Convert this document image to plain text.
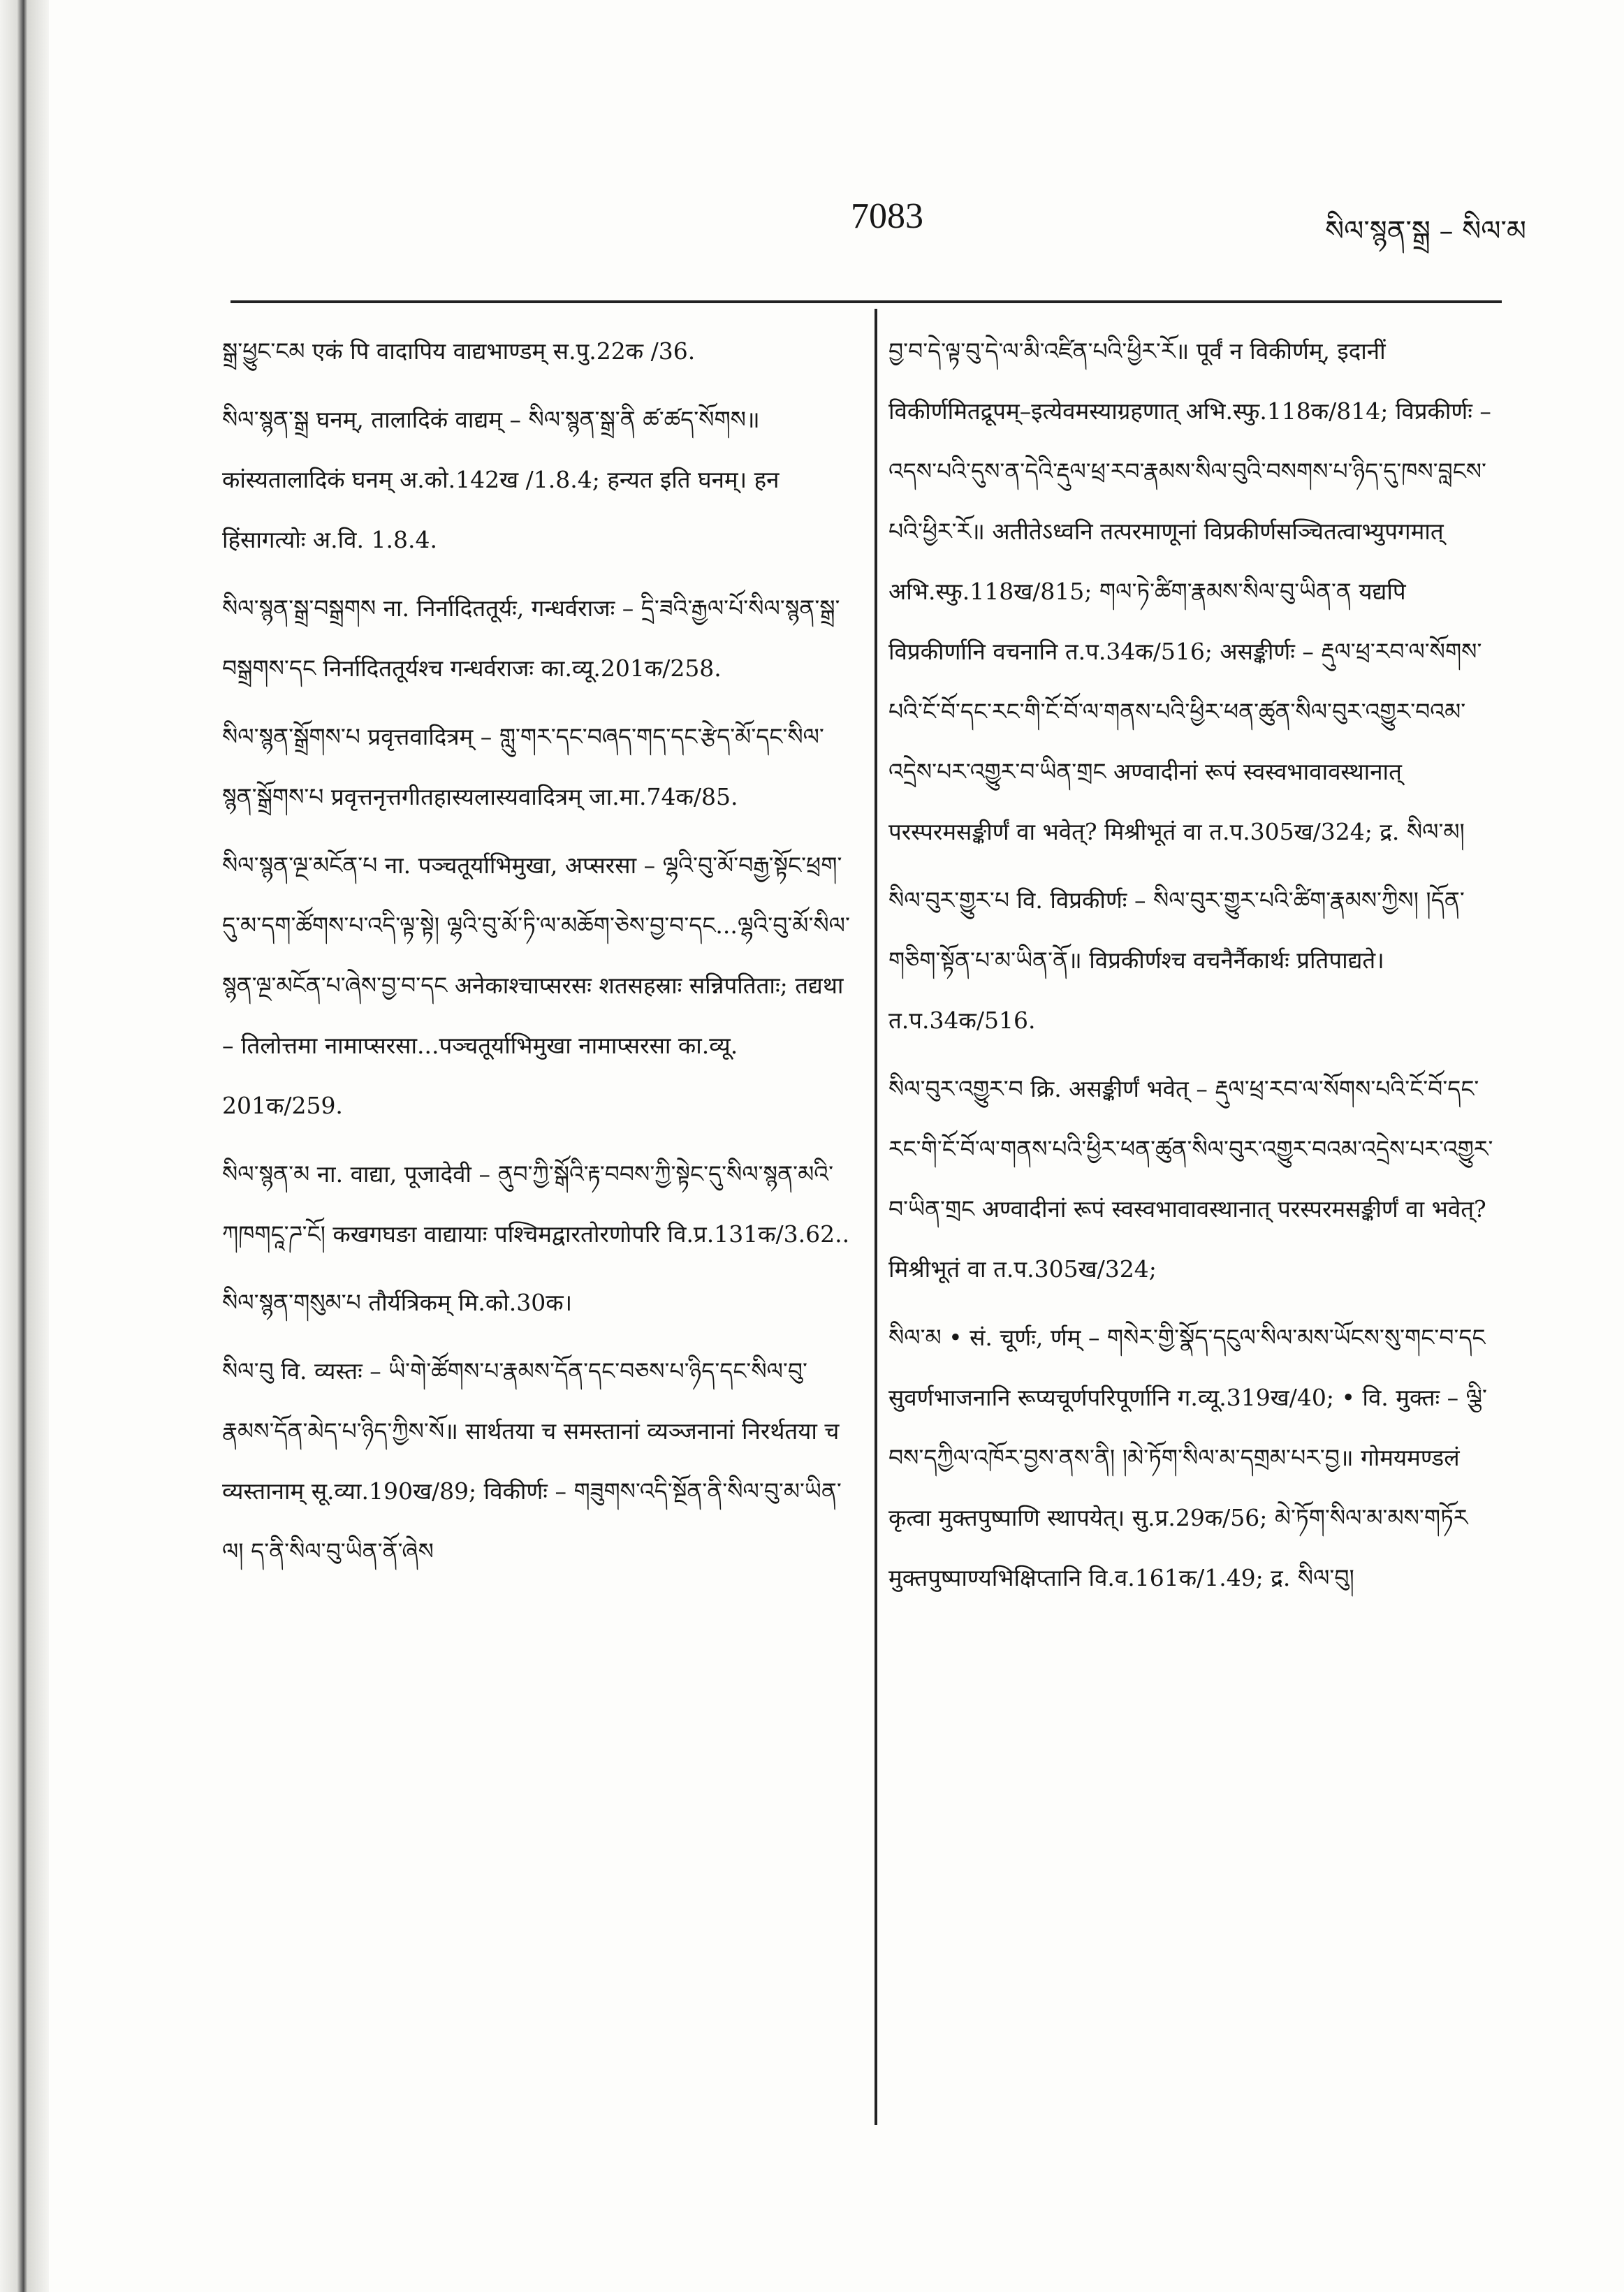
7083	སིལ་སྙན་སྒྲ – སིལ་མ

སྒྲ་ཕྱུང་ངམ एकं पि वादापिय वाद्यभाण्डम् स.पु.22क /36.

སིལ་སྙན་སྒྲ घनम्, तालादिकं वाद्यम् – སིལ་སྙན་སྒྲ་ནི ཚ་ཚད་སོགས॥ कांस्यतालादिकं घनम् अ.को.142ख /1.8.4; हन्यत इति घनम्। हन हिंसागत्योः अ.वि. 1.8.4.

སིལ་སྙན་སྒྲ་བསྒྲགས ना. निर्नादिततूर्यः, गन्धर्वराजः – དྲི་ཟའི་རྒྱལ་པོ་སིལ་སྙན་སྒྲ་བསྒྲགས་དང निर्नादिततूर्यश्च गन्धर्वराजः का.व्यू.201क/258.

སིལ་སྙན་སྒྲོགས་པ प्रवृत्तवादित्रम् – གླུ་གར་དང་བཞད་གད་དང་རྩེད་མོ་དང་སིལ་སྙན་སྒྲོགས་པ प्रवृत्तनृत्तगीतहास्यलास्यवादित्रम् जा.मा.74क/85.

སིལ་སྙན་ལྔ་མངོན་པ ना. पञ्चतूर्याभिमुखा, अप्सरसा – ལྷའི་བུ་མོ་བརྒྱ་སྟོང་ཕྲག་དུ་མ་དག་ཚོགས་པ་འདི་ལྟ་སྟེ། ལྷའི་བུ་མོ་ཏི་ལ་མཆོག་ཅེས་བྱ་བ་དང...ལྷའི་བུ་མོ་སིལ་སྙན་ལྔ་མངོན་པ་ཞེས་བྱ་བ་དང अनेकाश्चाप्सरसः शतसहस्राः सन्निपतिताः; तद्यथा – तिलोत्तमा नामाप्सरसा...पञ्चतूर्याभिमुखा नामाप्सरसा का.व्यू. 201क/259.

སིལ་སྙན་མ ना. वाद्या, पूजादेवी – ནུབ་ཀྱི་སྒོའི་རྟ་བབས་ཀྱི་སྟེང་དུ་སིལ་སྙན་མའི་ཀཁགངཱ་ཌ་ངོ། कखगघङा वाद्यायाः पश्चिमद्वारतोरणोपरि वि.प्र.131क/3.62..

སིལ་སྙན་གསུམ་པ तौर्यत्रिकम् मि.को.30क।

སིལ་བུ वि. व्यस्तः – ཡི་གེ་ཚོགས་པ་རྣམས་དོན་དང་བཅས་པ་ཉིད་དང་སིལ་བུ་རྣམས་དོན་མེད་པ་ཉིད་ཀྱིས་སོ॥ सार्थतया च समस्तानां व्यञ्जनानां निरर्थतया च व्यस्तानाम् सू.व्या.190ख/89; विकीर्णः – གཟུགས་འདི་སྔོན་ནི་སིལ་བུ་མ་ཡིན་ལ། ད་ནི་སིལ་བུ་ཡིན་ནོ་ཞེས

བྱ་བ་དེ་ལྟ་བུ་དེ་ལ་མི་འཛིན་པའི་ཕྱིར་རོ॥ पूर्वं न विकीर्णम्, इदानीं विकीर्णमितद्रूपम्–इत्येवमस्याग्रहणात् अभि.स्फु.118क/814; विप्रकीर्णः – འདས་པའི་དུས་ན་དེའི་རྡུལ་ཕྲ་རབ་རྣམས་སིལ་བུའི་བསགས་པ་ཉིད་དུ་ཁས་བླངས་པའི་ཕྱིར་རོ॥ अतीतेऽध्वनि तत्परमाणूनां विप्रकीर्णसञ्चितत्वाभ्युपगमात् अभि.स्फु.118ख/815; གལ་ཏེ་ཚིག་རྣམས་སིལ་བུ་ཡིན་ན यद्यपि विप्रकीर्णानि वचनानि त.प.34क/516; असङ्कीर्णः – རྡུལ་ཕྲ་རབ་ལ་སོགས་པའི་ངོ་བོ་དང་རང་གི་ངོ་བོ་ལ་གནས་པའི་ཕྱིར་ཕན་ཚུན་སིལ་བུར་འགྱུར་བའམ་འདྲེས་པར་འགྱུར་བ་ཡིན་གྲང अण्वादीनां रूपं स्वस्वभावावस्थानात् परस्परमसङ्कीर्णं वा भवेत्? मिश्रीभूतं वा त.प.305ख/324; द्र. སིལ་མ།

སིལ་བུར་གྱུར་པ वि. विप्रकीर्णः – སིལ་བུར་གྱུར་པའི་ཚིག་རྣམས་ཀྱིས། །དོན་གཅིག་སྟོན་པ་མ་ཡིན་ནོ॥ विप्रकीर्णश्च वचनैर्नैकार्थः प्रतिपाद्यते। त.प.34क/516.

སིལ་བུར་འགྱུར་བ क्रि. असङ्कीर्णं भवेत् – རྡུལ་ཕྲ་རབ་ལ་སོགས་པའི་ངོ་བོ་དང་རང་གི་ངོ་བོ་ལ་གནས་པའི་ཕྱིར་ཕན་ཚུན་སིལ་བུར་འགྱུར་བའམ་འདྲེས་པར་འགྱུར་བ་ཡིན་གྲང अण्वादीनां रूपं स्वस्वभावावस्थानात् परस्परमसङ्कीर्णं वा भवेत्? मिश्रीभूतं वा त.प.305ख/324;

སིལ་མ • सं. चूर्णः, र्णम् – གསེར་གྱི་སྣོད་དངུལ་སིལ་མས་ཡོངས་སུ་གང་བ་དང सुवर्णभाजनानि रूप्यचूर्णपरिपूर्णानि ग.व्यू.319ख/40; • वि. मुक्तः – ལྕི་བས་དཀྱིལ་འཁོར་བྱས་ནས་ནི། །མེ་ཏོག་སིལ་མ་དགྲམ་པར་བྱ॥ गोमयमण्डलं कृत्वा मुक्तपुष्पाणि स्थापयेत्। सु.प्र.29क/56; མེ་ཏོག་སིལ་མ་མས་གཏོར मुक्तपुष्पाण्यभिक्षिप्तानि वि.व.161क/1.49; द्र. སིལ་བུ།
